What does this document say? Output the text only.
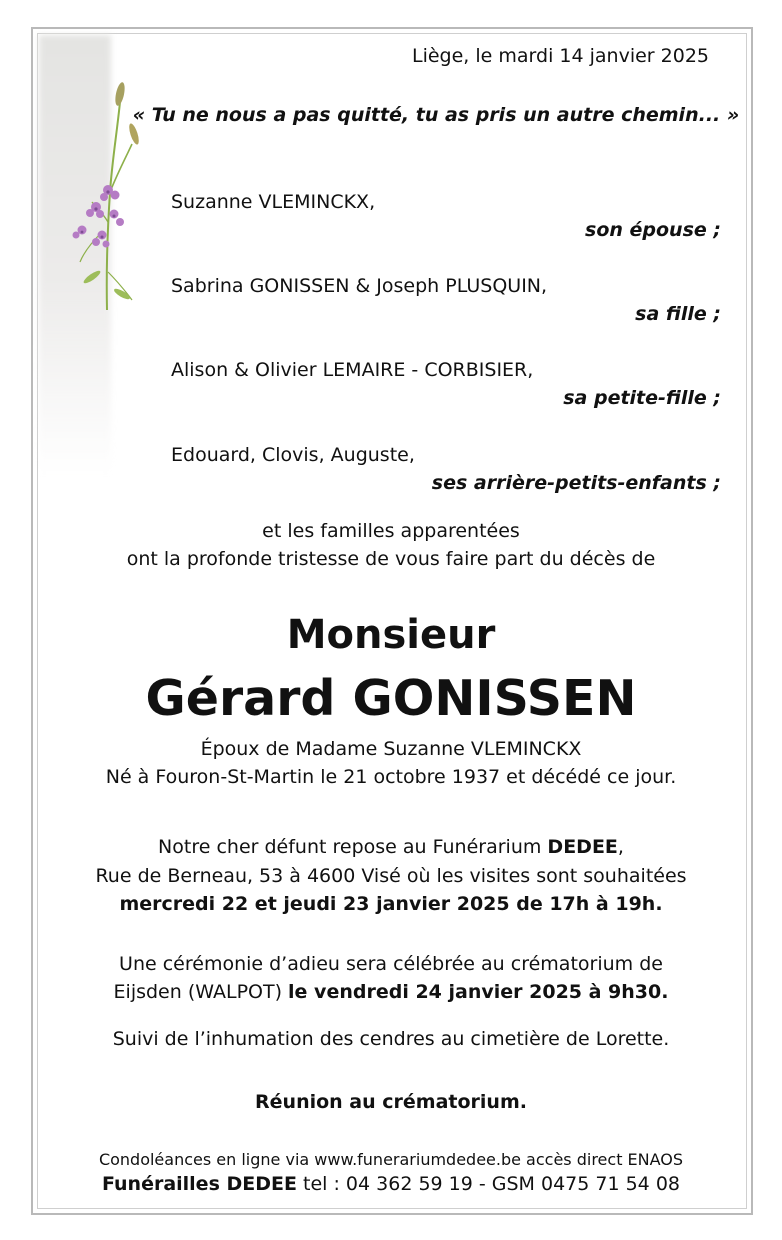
Liège, le mardi 14 janvier 2025
« Tu ne nous a pas quitté, tu as pris un autre chemin... »
Suzanne VLEMINCKX,
son épouse ;
Sabrina GONISSEN & Joseph PLUSQUIN,
sa fille ;
Alison & Olivier LEMAIRE - CORBISIER,
sa petite-fille ;
Edouard, Clovis, Auguste,
ses arrière-petits-enfants ;
et les familles apparentées
ont la profonde tristesse de vous faire part du décès de
Monsieur
Gérard GONISSEN
Époux de Madame Suzanne VLEMINCKX
Né à Fouron-St-Martin le 21 octobre 1937 et décédé ce jour.
Notre cher défunt repose au Funérarium DEDEE,
Rue de Berneau, 53 à 4600 Visé où les visites sont souhaitées
mercredi 22 et jeudi 23 janvier 2025 de 17h à 19h.
Une cérémonie d’adieu sera célébrée au crématorium de
Eijsden (WALPOT) le vendredi 24 janvier 2025 à 9h30.
Suivi de l’inhumation des cendres au cimetière de Lorette.
Réunion au crématorium.
Condoléances en ligne via www.funerariumdedee.be accès direct ENAOS
Funérailles DEDEE tel : 04 362 59 19 - GSM 0475 71 54 08
